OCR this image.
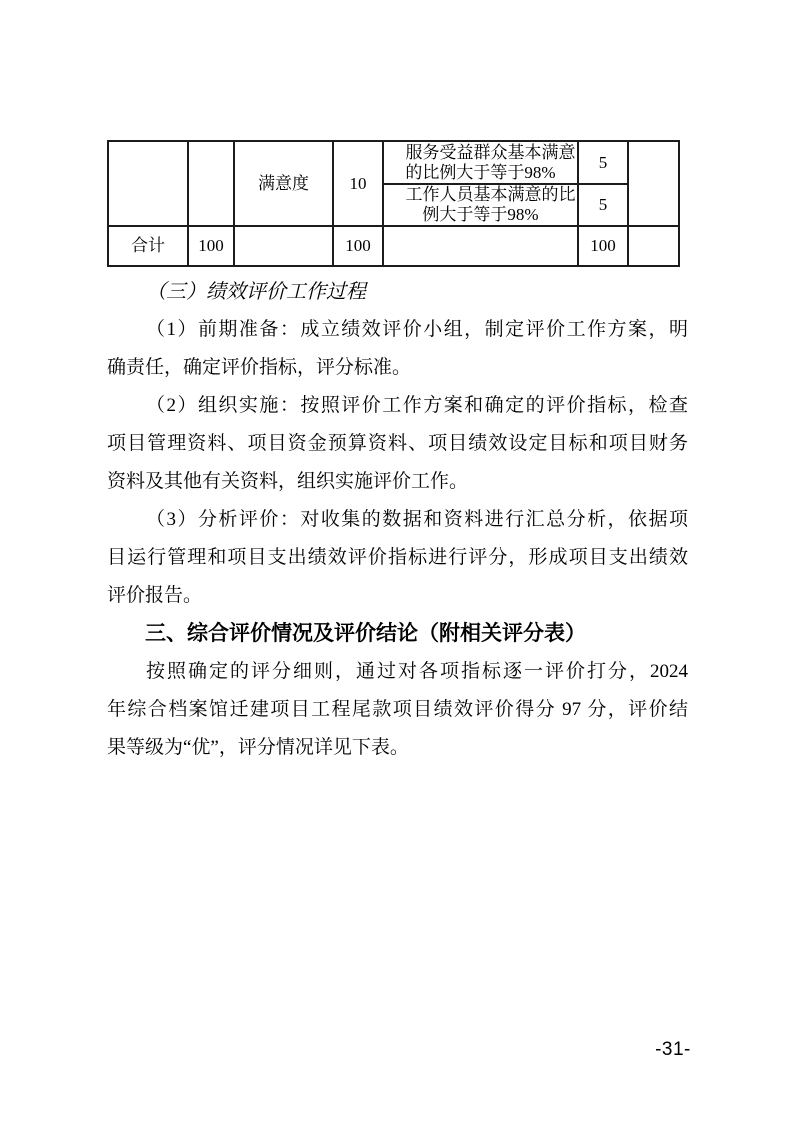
		满意度	10	服务受益群众基本满意的比例大于等于98%	5	
				工作人员基本满意的比例大于等于98%	5	
合计	100		100		100	
（三）绩效评价工作过程
（1）前期准备：成立绩效评价小组，制定评价工作方案，明
确责任，确定评价指标，评分标准。
（2）组织实施：按照评价工作方案和确定的评价指标，检查
项目管理资料、项目资金预算资料、项目绩效设定目标和项目财务
资料及其他有关资料，组织实施评价工作。
（3）分析评价：对收集的数据和资料进行汇总分析，依据项
目运行管理和项目支出绩效评价指标进行评分，形成项目支出绩效
评价报告。
三、综合评价情况及评价结论（附相关评分表）
按照确定的评分细则，通过对各项指标逐一评价打分，2024
年综合档案馆迁建项目工程尾款项目绩效评价得分 97 分，评价结
果等级为“优”，评分情况详见下表。
-31-
